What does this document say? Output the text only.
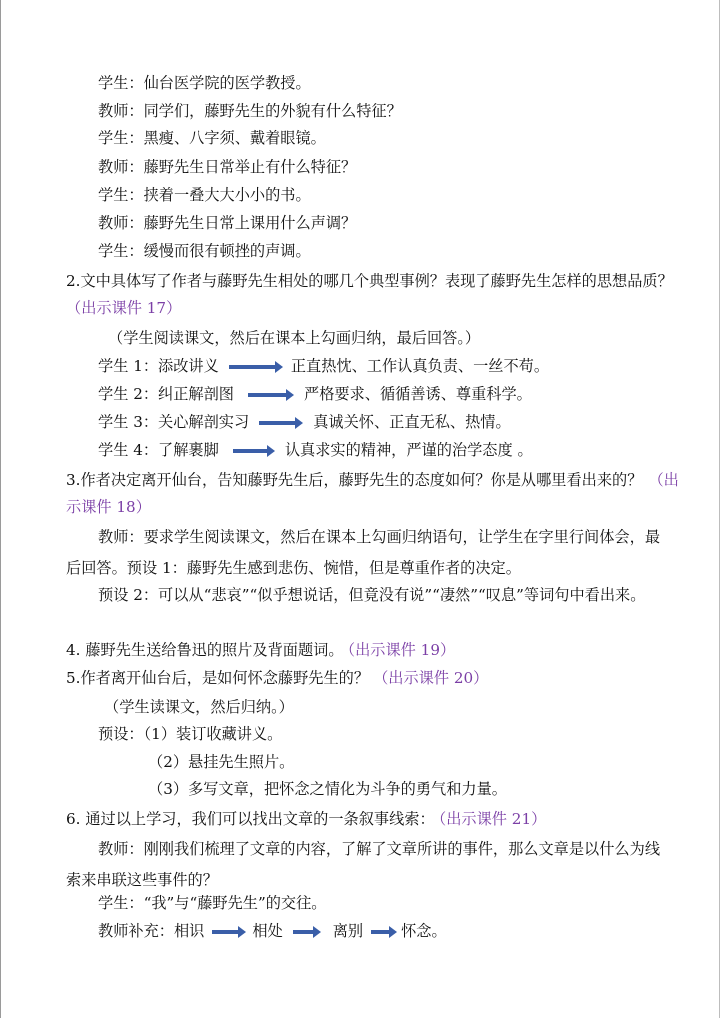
学生：仙台医学院的医学教授。
教师：同学们，藤野先生的外貌有什么特征？
学生：黑瘦、八字须、戴着眼镜。
教师：藤野先生日常举止有什么特征？
学生：挟着一叠大大小小的书。
教师：藤野先生日常上课用什么声调？
学生：缓慢而很有顿挫的声调。
2.文中具体写了作者与藤野先生相处的哪几个典型事例？表现了藤野先生怎样的思想品质？
（出示课件 17）
（学生阅读课文，然后在课本上勾画归纳，最后回答。）
学生 1：添改讲义	正直热忱、工作认真负责、一丝不苟。
学生 2：纠正解剖图	严格要求、循循善诱、尊重科学。
学生 3：关心解剖实习	真诚关怀、正直无私、热情。
学生 4：了解裹脚	认真求实的精神，严谨的治学态度 。
3.作者决定离开仙台，告知藤野先生后，藤野先生的态度如何？你是从哪里看出来的？ （出
示课件 18）
教师：要求学生阅读课文，然后在课本上勾画归纳语句，让学生在字里行间体会，最后回答。预设 1：藤野先生感到悲伤、惋惜，但是尊重作者的决定。
预设 2：可以从“悲哀”“似乎想说话，但竟没有说”“凄然”“叹息”等词句中看出来。
4. 藤野先生送给鲁迅的照片及背面题词。 （出示课件 19）
5.作者离开仙台后，是如何怀念藤野先生的？ （出示课件 20）
（学生读课文，然后归纳。）
预设：（1）装订收藏讲义。
（2）悬挂先生照片。
（3）多写文章，把怀念之情化为斗争的勇气和力量。
6. 通过以上学习，我们可以找出文章的一条叙事线索： （出示课件 21）
教师：刚刚我们梳理了文章的内容，了解了文章所讲的事件，那么文章是以什么为线索来串联这些事件的？
学生：“我”与“藤野先生”的交往。
教师补充：相识	相处	离别	怀念。
